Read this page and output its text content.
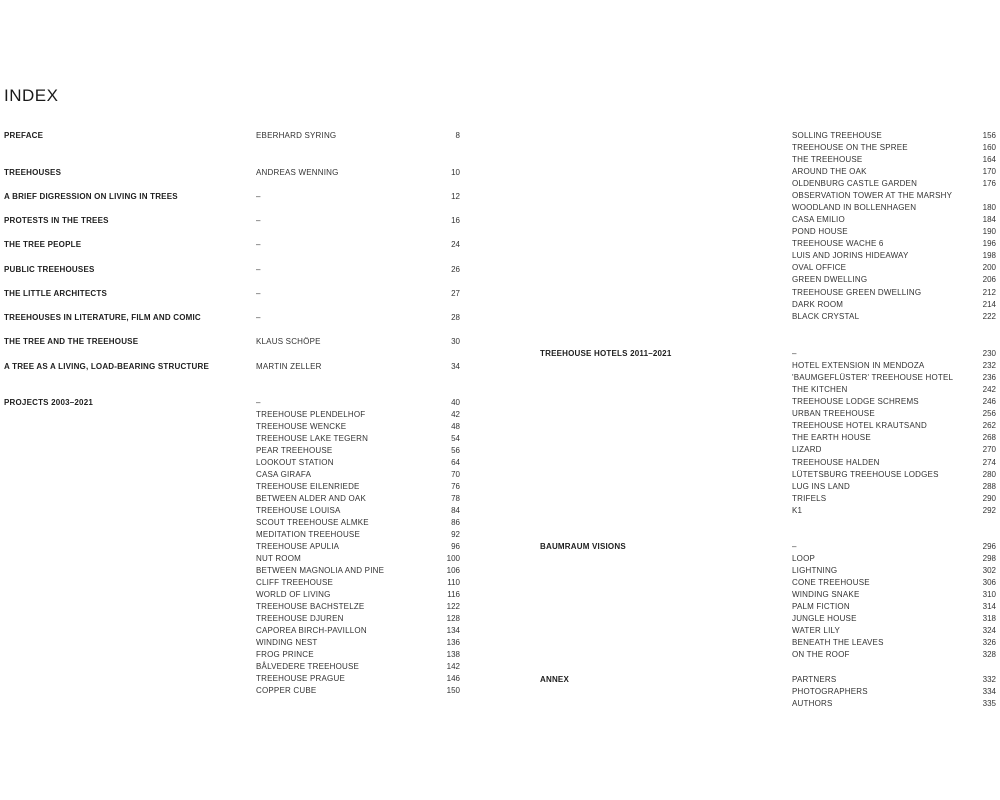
INDEX
PREFACE	EBERHARD SYRING	8
TREEHOUSES	ANDREAS WENNING	10
A BRIEF DIGRESSION ON LIVING IN TREES	–	12
PROTESTS IN THE TREES	–	16
THE TREE PEOPLE	–	24
PUBLIC TREEHOUSES	–	26
THE LITTLE ARCHITECTS	–	27
TREEHOUSES IN LITERATURE, FILM AND COMIC	–	28
THE TREE AND THE TREEHOUSE	KLAUS SCHÖPE	30
A TREE AS A LIVING, LOAD-BEARING STRUCTURE	MARTIN ZELLER	34
PROJECTS 2003–2021	–	40
TREEHOUSE PLENDELHOF	42
TREEHOUSE WENCKE	48
TREEHOUSE LAKE TEGERN	54
PEAR TREEHOUSE	56
LOOKOUT STATION	64
CASA GIRAFA	70
TREEHOUSE EILENRIEDE	76
BETWEEN ALDER AND OAK	78
TREEHOUSE LOUISA	84
SCOUT TREEHOUSE ALMKE	86
MEDITATION TREEHOUSE	92
TREEHOUSE APULIA	96
NUT ROOM	100
BETWEEN MAGNOLIA AND PINE	106
CLIFF TREEHOUSE	110
WORLD OF LIVING	116
TREEHOUSE BACHSTELZE	122
TREEHOUSE DJUREN	128
CAPOREA BIRCH-PAVILLON	134
WINDING NEST	136
FROG PRINCE	138
BÅLVEDERE TREEHOUSE	142
TREEHOUSE PRAGUE	146
COPPER CUBE	150
SOLLING TREEHOUSE	156
TREEHOUSE ON THE SPREE	160
THE TREEHOUSE	164
AROUND THE OAK	170
OLDENBURG CASTLE GARDEN	176
OBSERVATION TOWER AT THE MARSHY
WOODLAND IN BOLLENHAGEN	180
CASA EMILIO	184
POND HOUSE	190
TREEHOUSE WACHE 6	196
LUIS AND JORINS HIDEAWAY	198
OVAL OFFICE	200
GREEN DWELLING	206
TREEHOUSE GREEN DWELLING	212
DARK ROOM	214
BLACK CRYSTAL	222
TREEHOUSE HOTELS 2011–2021	–	230
HOTEL EXTENSION IN MENDOZA	232
'BAUMGEFLÜSTER' TREEHOUSE HOTEL	236
THE KITCHEN	242
TREEHOUSE LODGE SCHREMS	246
URBAN TREEHOUSE	256
TREEHOUSE HOTEL KRAUTSAND	262
THE EARTH HOUSE	268
LIZARD	270
TREEHOUSE HALDEN	274
LÜTETSBURG TREEHOUSE LODGES	280
LUG INS LAND	288
TRIFELS	290
K1	292
BAUMRAUM VISIONS	–	296
LOOP	298
LIGHTNING	302
CONE TREEHOUSE	306
WINDING SNAKE	310
PALM FICTION	314
JUNGLE HOUSE	318
WATER LILY	324
BENEATH THE LEAVES	326
ON THE ROOF	328
ANNEX	PARTNERS	332
PHOTOGRAPHERS	334
AUTHORS	335
